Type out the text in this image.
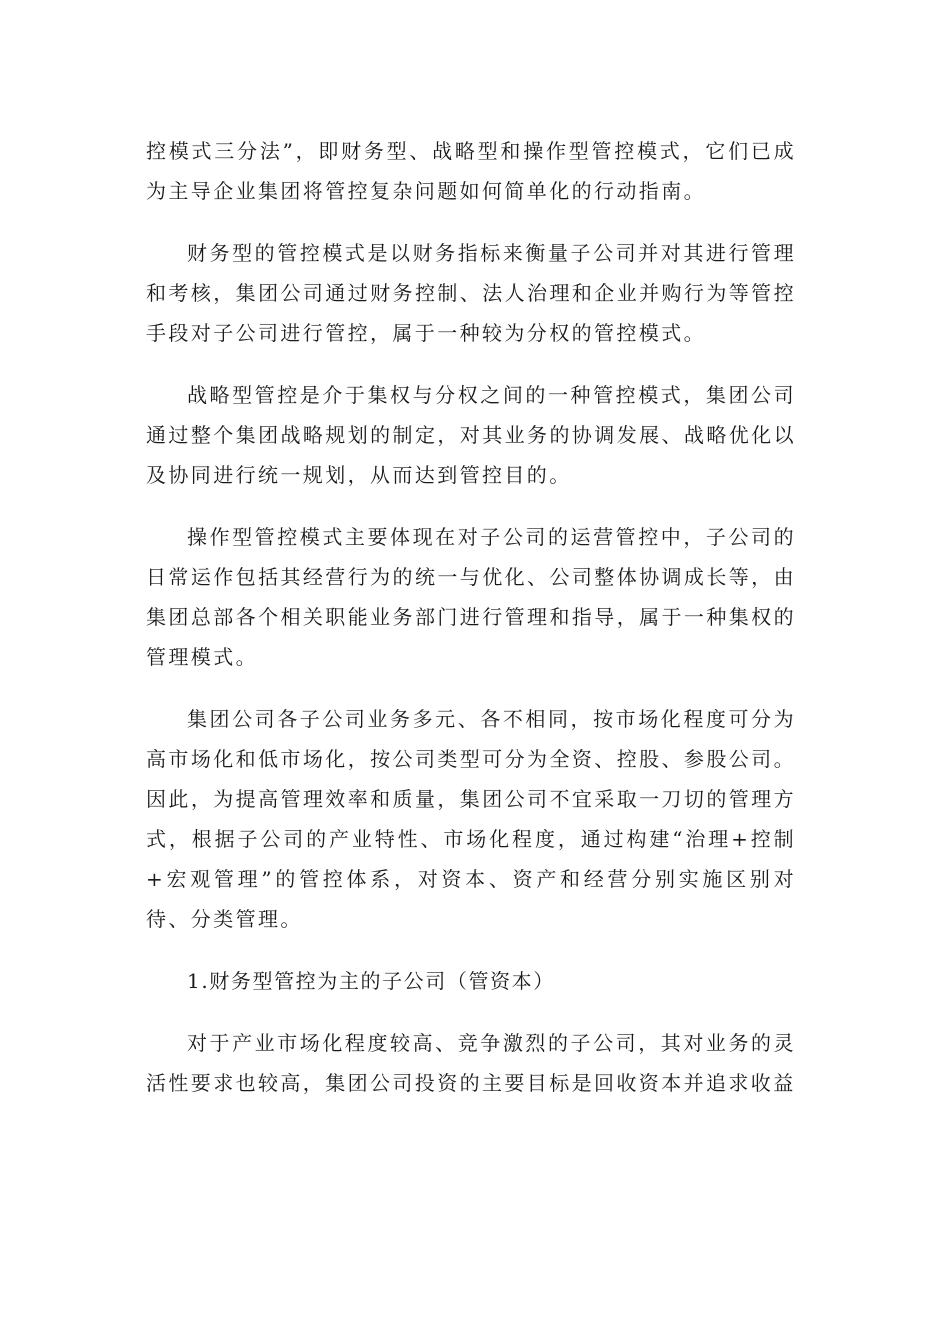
控模式三分法”，即财务型、战略型和操作型管控模式，它们已成为主导企业集团将管控复杂问题如何简单化的行动指南。

财务型的管控模式是以财务指标来衡量子公司并对其进行管理和考核，集团公司通过财务控制、法人治理和企业并购行为等管控手段对子公司进行管控，属于一种较为分权的管控模式。

战略型管控是介于集权与分权之间的一种管控模式，集团公司通过整个集团战略规划的制定，对其业务的协调发展、战略优化以及协同进行统一规划，从而达到管控目的。

操作型管控模式主要体现在对子公司的运营管控中，子公司的日常运作包括其经营行为的统一与优化、公司整体协调成长等，由集团总部各个相关职能业务部门进行管理和指导，属于一种集权的管理模式。

集团公司各子公司业务多元、各不相同，按市场化程度可分为高市场化和低市场化，按公司类型可分为全资、控股、参股公司。因此，为提高管理效率和质量，集团公司不宜采取一刀切的管理方式，根据子公司的产业特性、市场化程度，通过构建“治理+控制+宏观管理”的管控体系，对资本、资产和经营分别实施区别对待、分类管理。

1.财务型管控为主的子公司（管资本）

对于产业市场化程度较高、竞争激烈的子公司，其对业务的灵活性要求也较高，集团公司投资的主要目标是回收资本并追求收益
